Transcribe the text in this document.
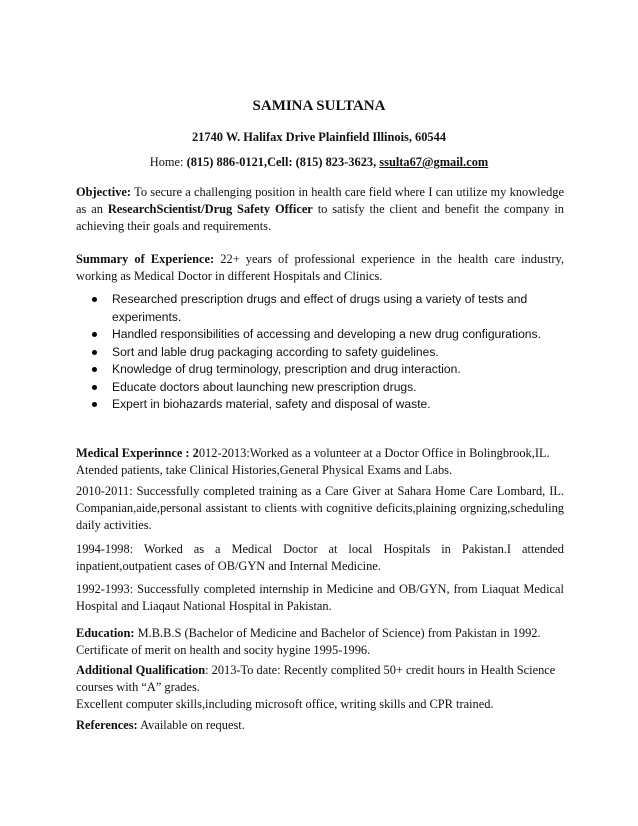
SAMINA SULTANA
21740 W. Halifax Drive Plainfield Illinois, 60544
Home: (815) 886-0121,Cell: (815) 823-3623, ssulta67@gmail.com
Objective: To secure a challenging position in health care field where I can utilize my knowledge as an ResearchScientist/Drug Safety Officer to satisfy the client and benefit the company in achieving their goals and requirements.
Summary of Experience: 22+ years of professional experience in the health care industry, working as Medical Doctor in different Hospitals and Clinics.
Researched prescription drugs and effect of drugs using a variety of tests and experiments.
Handled responsibilities of accessing and developing a new drug configurations.
Sort and lable drug packaging according to safety guidelines.
Knowledge of drug terminology, prescription and drug interaction.
Educate doctors about launching new prescription drugs.
Expert in biohazards material, safety and disposal of waste.
Medical Experinnce : 2012-2013:Worked as a volunteer at a Doctor Office in Bolingbrook,IL. Atended patients, take Clinical Histories,General Physical Exams and Labs.
2010-2011: Successfully completed training as a Care Giver at Sahara Home Care Lombard, IL. Companian,aide,personal assistant to clients with cognitive deficits,plaining orgnizing,scheduling daily activities.
1994-1998: Worked as a Medical Doctor at local Hospitals in Pakistan.I attended inpatient,outpatient cases of OB/GYN and Internal Medicine.
1992-1993: Successfully completed internship in Medicine and OB/GYN, from Liaquat Medical Hospital and Liaqaut National Hospital in Pakistan.
Education: M.B.B.S (Bachelor of Medicine and Bachelor of Science) from Pakistan in 1992.
Certificate of merit on health and socity hygine 1995-1996.
Additional Qualification: 2013-To date: Recently complited 50+ credit hours in Health Science courses with “A” grades.
Excellent computer skills,including microsoft office, writing skills and CPR trained.
References: Available on request.
